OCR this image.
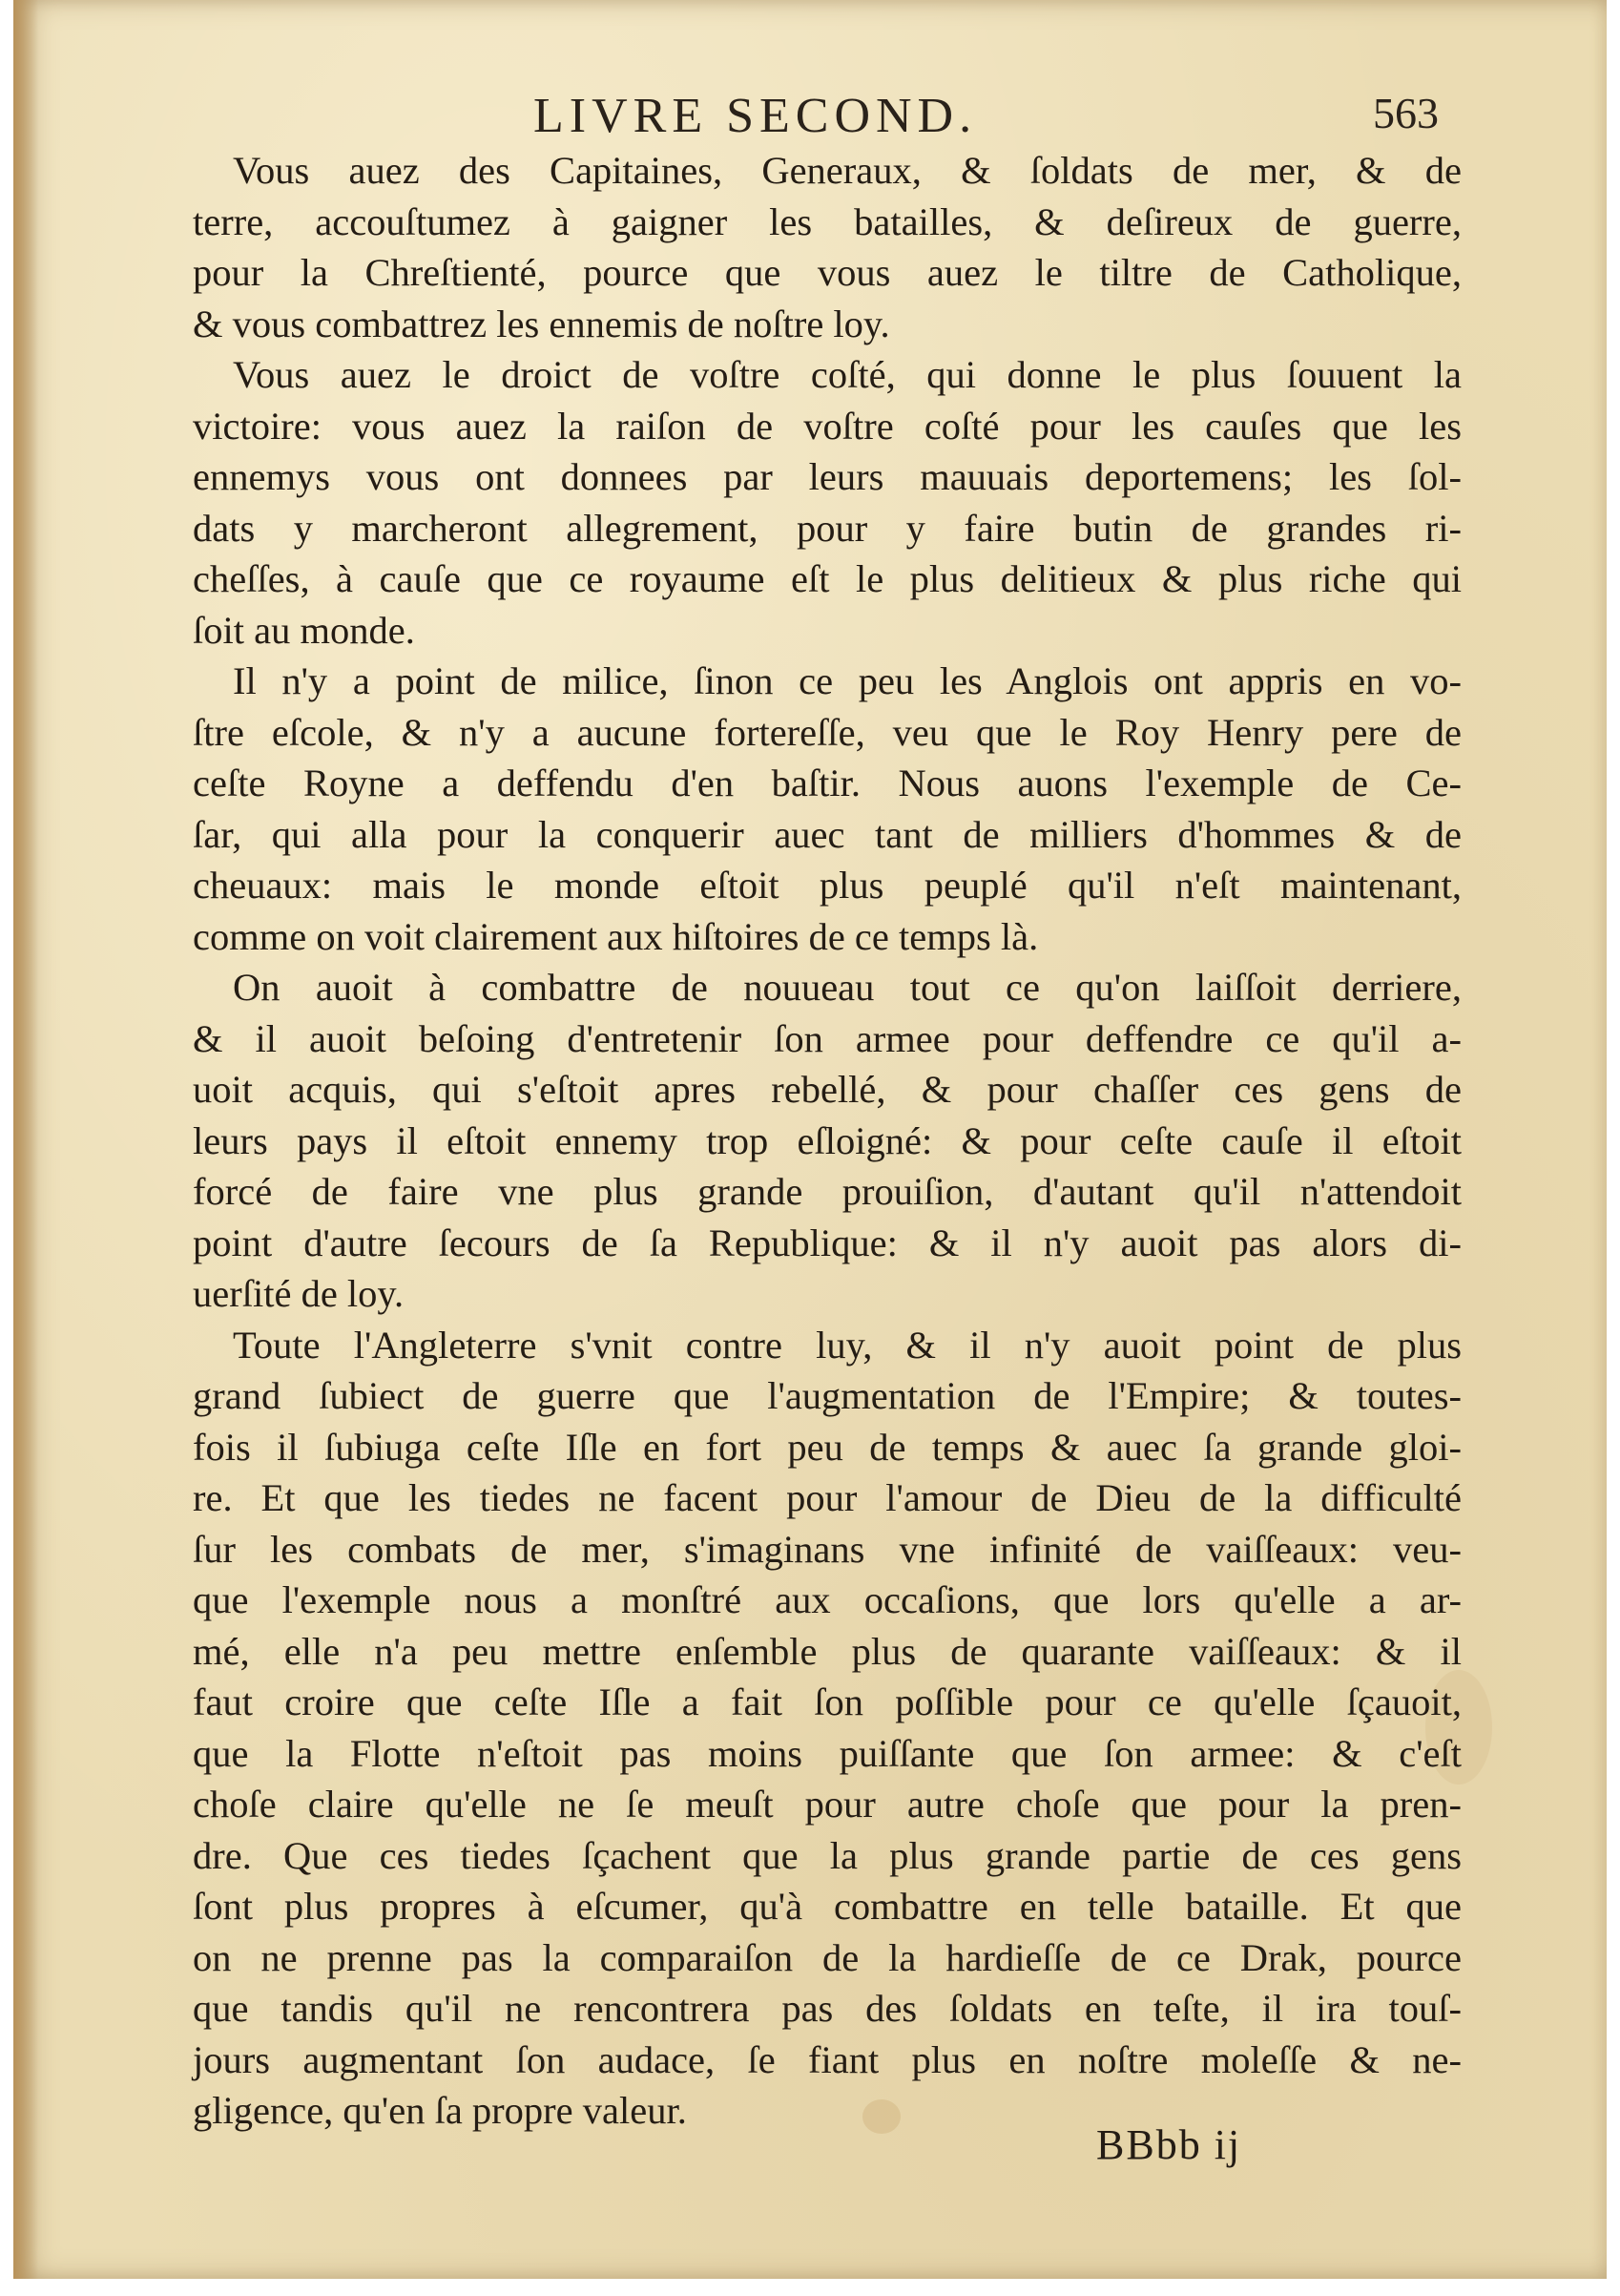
LIVRE SECOND.	563
Vous auez des Capitaines, Generaux, & ſoldats de mer, & de
terre, accouſtumez à gaigner les batailles, & deſireux de guerre,
pour la Chreſtienté, pource que vous auez le tiltre de Catholique,
& vous combattrez les ennemis de noſtre loy.
Vous auez le droict de voſtre coſté, qui donne le plus ſouuent la
victoire: vous auez la raiſon de voſtre coſté pour les cauſes que les
ennemys vous ont donnees par leurs mauuais deportemens; les ſol-
dats y marcheront allegrement, pour y faire butin de grandes ri-
cheſſes, à cauſe que ce royaume eſt le plus delitieux & plus riche qui
ſoit au monde.
Il n'y a point de milice, ſinon ce peu les Anglois ont appris en vo-
ſtre eſcole, & n'y a aucune fortereſſe, veu que le Roy Henry pere de
ceſte Royne a deffendu d'en baſtir. Nous auons l'exemple de Ce-
ſar, qui alla pour la conquerir auec tant de milliers d'hommes & de
cheuaux: mais le monde eſtoit plus peuplé qu'il n'eſt maintenant,
comme on voit clairement aux hiſtoires de ce temps là.
On auoit à combattre de nouueau tout ce qu'on laiſſoit derriere,
& il auoit beſoing d'entretenir ſon armee pour deffendre ce qu'il a-
uoit acquis, qui s'eſtoit apres rebellé, & pour chaſſer ces gens de
leurs pays il eſtoit ennemy trop eſloigné: & pour ceſte cauſe il eſtoit
forcé de faire vne plus grande prouiſion, d'autant qu'il n'attendoit
point d'autre ſecours de ſa Republique: & il n'y auoit pas alors di-
uerſité de loy.
Toute l'Angleterre s'vnit contre luy, & il n'y auoit point de plus
grand ſubiect de guerre que l'augmentation de l'Empire; & toutes-
fois il ſubiuga ceſte Iſle en fort peu de temps & auec ſa grande gloi-
re. Et que les tiedes ne facent pour l'amour de Dieu de la difficulté
ſur les combats de mer, s'imaginans vne infinité de vaiſſeaux: veu-
que l'exemple nous a monſtré aux occaſions, que lors qu'elle a ar-
mé, elle n'a peu mettre enſemble plus de quarante vaiſſeaux: & il
faut croire que ceſte Iſle a fait ſon poſſible pour ce qu'elle ſçauoit,
que la Flotte n'eſtoit pas moins puiſſante que ſon armee: & c'eſt
choſe claire qu'elle ne ſe meuſt pour autre choſe que pour la pren-
dre. Que ces tiedes ſçachent que la plus grande partie de ces gens
ſont plus propres à eſcumer, qu'à combattre en telle bataille. Et que
on ne prenne pas la comparaiſon de la hardieſſe de ce Drak, pource
que tandis qu'il ne rencontrera pas des ſoldats en teſte, il ira touſ-
jours augmentant ſon audace, ſe fiant plus en noſtre moleſſe & ne-
gligence, qu'en ſa propre valeur.
BBbb ij
